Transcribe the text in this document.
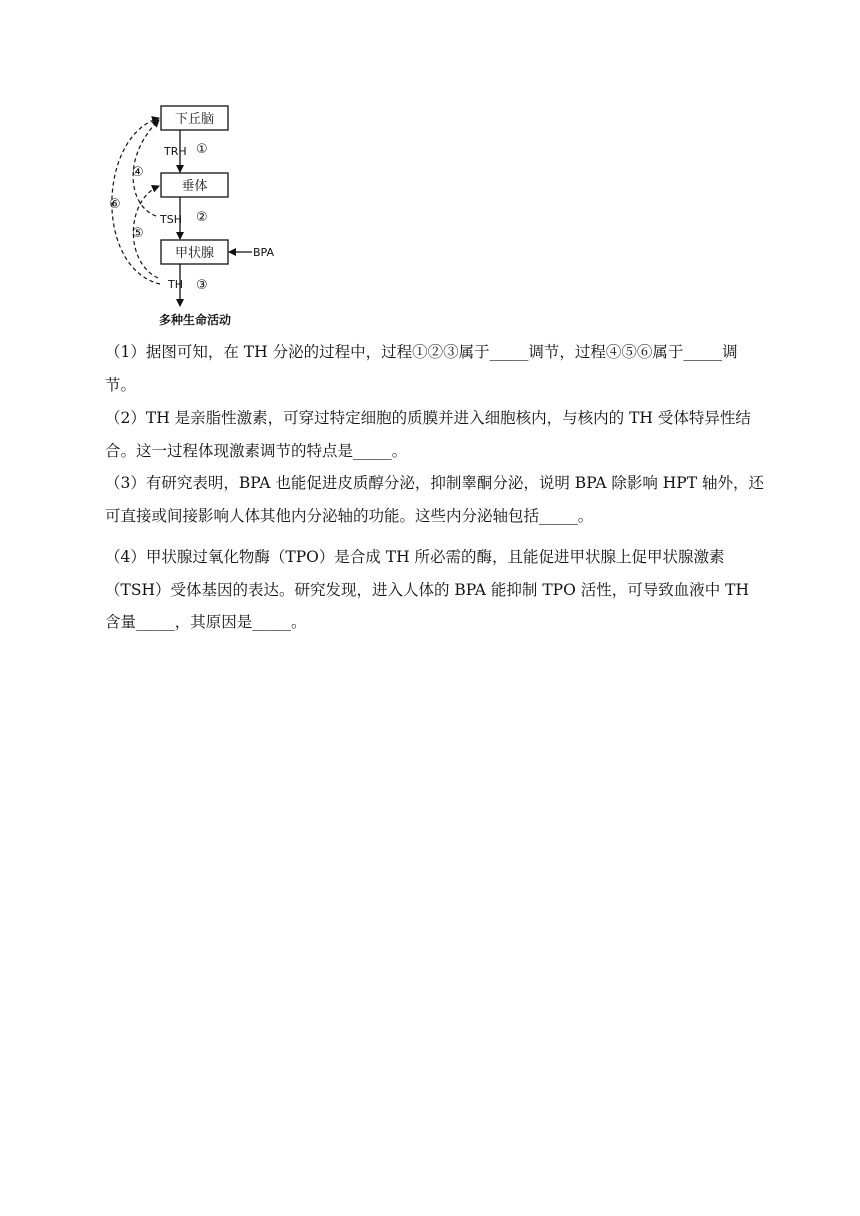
下丘脑
垂体
甲状腺	BPA
TRH
TSH
TH
①
②
③
④
⑤
⑥
多种生命活动

（1）据图可知，在 TH 分泌的过程中，过程①②③属于_____调节，过程④⑤⑥属于_____调节。

（2）TH 是亲脂性激素，可穿过特定细胞的质膜并进入细胞核内，与核内的 TH 受体特异性结合。这一过程体现激素调节的特点是_____。

（3）有研究表明，BPA 也能促进皮质醇分泌，抑制睾酮分泌，说明 BPA 除影响 HPT 轴外，还可直接或间接影响人体其他内分泌轴的功能。这些内分泌轴包括_____。

（4）甲状腺过氧化物酶（TPO）是合成 TH 所必需的酶，且能促进甲状腺上促甲状腺激素（TSH）受体基因的表达。研究发现，进入人体的 BPA 能抑制 TPO 活性，可导致血液中 TH 含量_____，其原因是_____。
